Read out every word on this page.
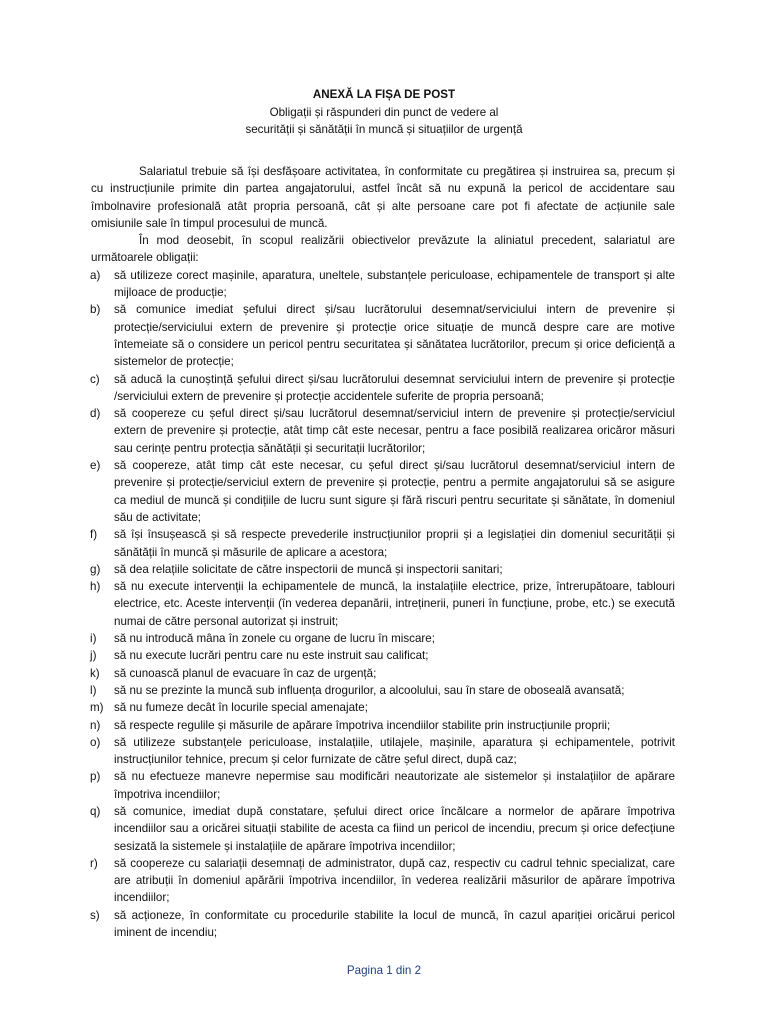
ANEXĂ LA FIȘA DE POST
Obligații și răspunderi din punct de vedere al
securității și sănătății în muncă și situațiilor de urgență

Salariatul trebuie să își desfășoare activitatea, în conformitate cu pregătirea și instruirea sa, precum și cu instrucțiunile primite din partea angajatorului, astfel încât să nu expună la pericol de accidentare sau îmbolnavire profesională atât propria persoană, cât și alte persoane care pot fi afectate de acțiunile sale omisiunile sale în timpul procesului de muncă.

În mod deosebit, în scopul realizării obiectivelor prevăzute la aliniatul precedent, salariatul are următoarele obligații:

a)	să utilizeze corect mașinile, aparatura, uneltele, substanțele periculoase, echipamentele de transport și alte mijloace de producție;
b)	să comunice imediat șefului direct și/sau lucrătorului desemnat/serviciului intern de prevenire și protecție/serviciului extern de prevenire și protecție orice situație de muncă despre care are motive întemeiate să o considere un pericol pentru securitatea și sănătatea lucrătorilor, precum și orice deficiență a sistemelor de protecție;
c)	să aducă la cunoștință șefului direct și/sau lucrătorului desemnat serviciului intern de prevenire și protecție /serviciului extern de prevenire și protecție accidentele suferite de propria persoană;
d)	să coopereze cu șeful direct și/sau lucrătorul desemnat/serviciul intern de prevenire și protecție/serviciul extern de prevenire și protecție, atât timp cât este necesar, pentru a face posibilă realizarea oricăror măsuri sau cerințe pentru protecția sănătății și securitații lucrătorilor;
e)	să coopereze, atât timp cât este necesar, cu șeful direct și/sau lucrătorul desemnat/serviciul intern de prevenire și protecție/serviciul extern de prevenire și protecție, pentru a permite angajatorului să se asigure ca mediul de muncă și condițiile de lucru sunt sigure și fără riscuri pentru securitate și sănătate, în domeniul său de activitate;
f)	să își însușească și să respecte prevederile instrucțiunilor proprii și a legislației din domeniul securității și sănătății în muncă și măsurile de aplicare a acestora;
g)	să dea relațiile solicitate de către inspectorii de muncă și inspectorii sanitari;
h)	să nu execute intervenții la echipamentele de muncă, la instalațiile electrice, prize, întrerupătoare, tablouri electrice, etc. Aceste intervenții (în vederea depanării, intreținerii, puneri în funcțiune, probe, etc.) se execută numai de către personal autorizat și instruit;
i)	să nu introducă mâna în zonele cu organe de lucru în miscare;
j)	să nu execute lucrări pentru care nu este instruit sau calificat;
k)	să cunoască planul de evacuare în caz de urgență;
l)	să nu se prezinte la muncă sub influența drogurilor, a alcoolului, sau în stare de oboseală avansată;
m) să nu fumeze decât în locurile special amenajate;
n)	să respecte regulile și măsurile de apărare împotriva incendiilor stabilite prin instrucțiunile proprii;
o)	să utilizeze substanțele periculoase, instalațiile, utilajele, mașinile, aparatura și echipamentele, potrivit instrucțiunilor tehnice, precum și celor furnizate de către șeful direct, după caz;
p)	să nu efectueze manevre nepermise sau modificări neautorizate ale sistemelor și instalațiilor de apărare împotriva incendiilor;
q)	să comunice, imediat după constatare, șefului direct orice încălcare a normelor de apărare împotriva incendiilor sau a oricărei situații stabilite de acesta ca fiind un pericol de incendiu, precum și orice defecțiune sesizată la sistemele și instalațiile de apărare împotriva incendiilor;
r)	să coopereze cu salariații desemnați de administrator, după caz, respectiv cu cadrul tehnic specializat, care are atribuții în domeniul apărării împotriva incendiilor, în vederea realizării măsurilor de apărare împotriva incendiilor;
s)	să acționeze, în conformitate cu procedurile stabilite la locul de muncă, în cazul apariției oricărui pericol iminent de incendiu;
Pagina 1 din 2
